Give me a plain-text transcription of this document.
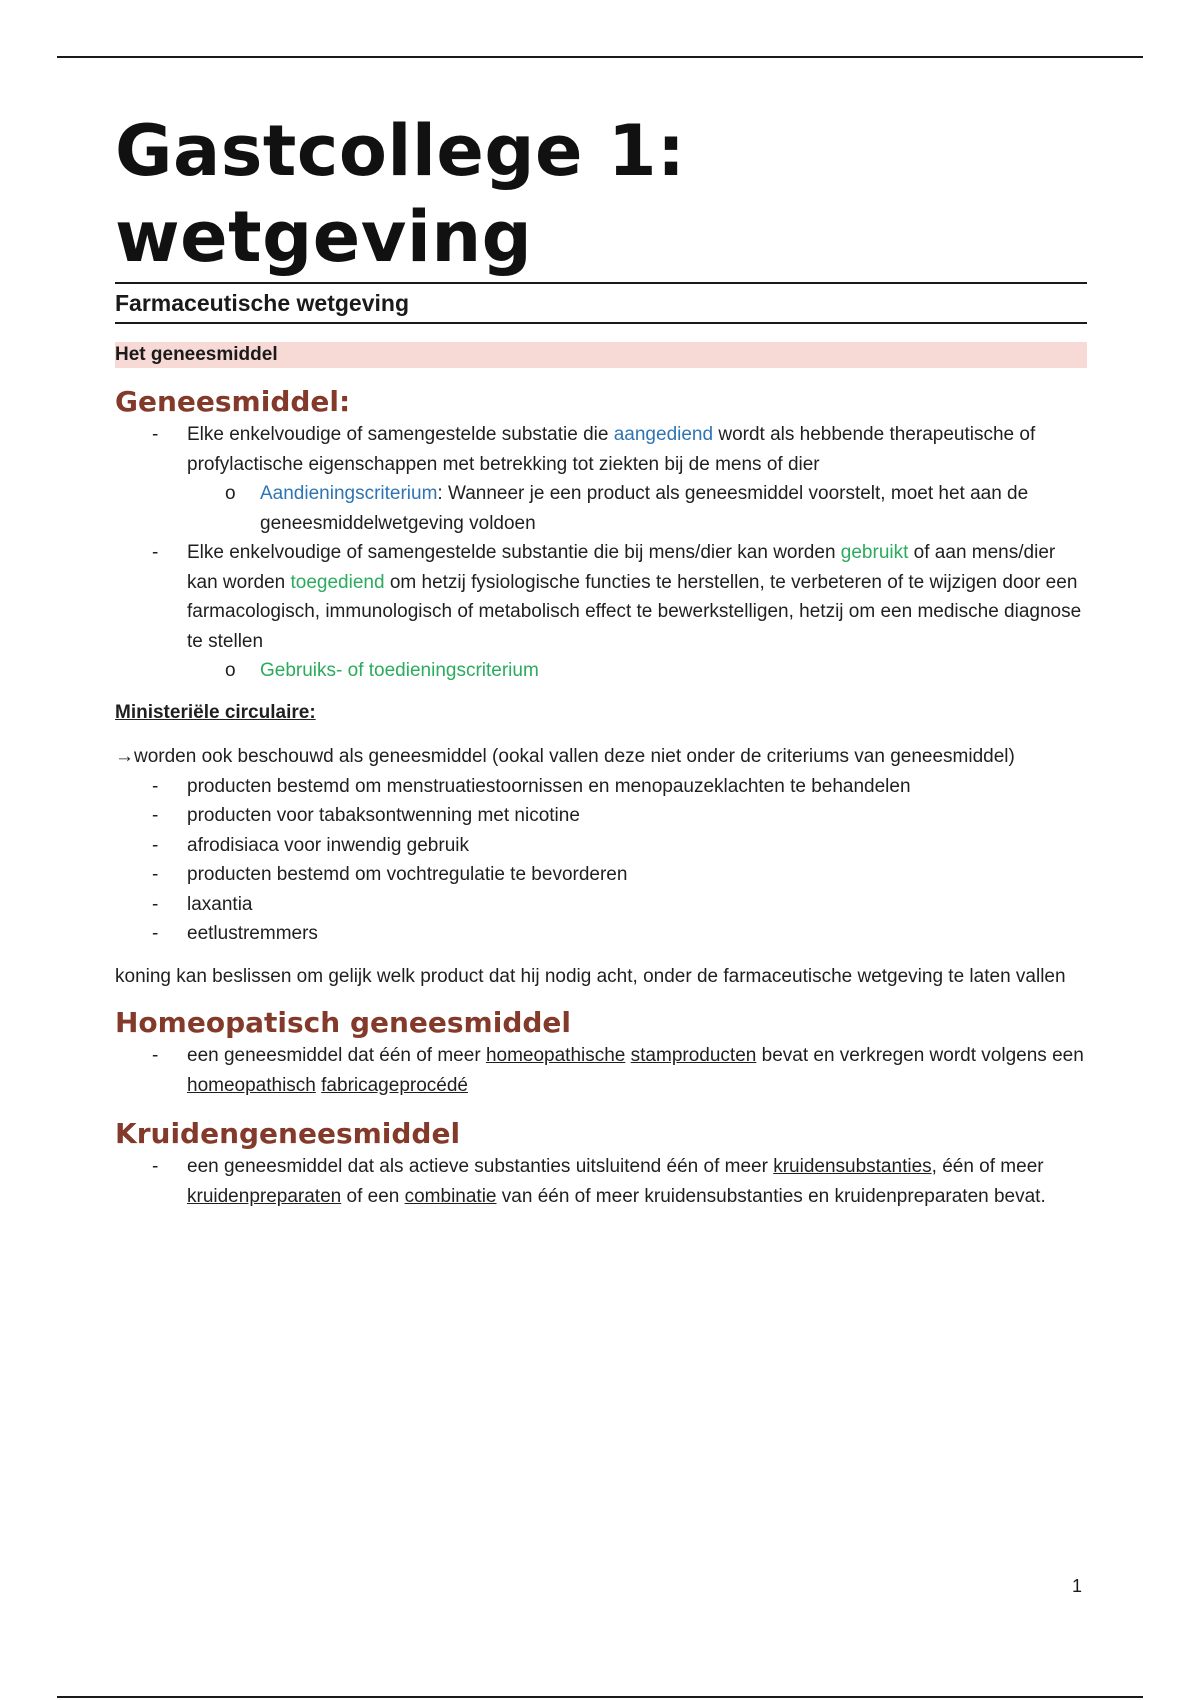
Gastcollege 1: wetgeving
Farmaceutische wetgeving
Het geneesmiddel
Geneesmiddel:
- Elke enkelvoudige of samengestelde substatie die aangediend wordt als hebbende therapeutische of profylactische eigenschappen met betrekking tot ziekten bij de mens of dier
o Aandieningscriterium: Wanneer je een product als geneesmiddel voorstelt, moet het aan de geneesmiddelwetgeving voldoen
- Elke enkelvoudige of samengestelde substantie die bij mens/dier kan worden gebruikt of aan mens/dier kan worden toegediend om hetzij fysiologische functies te herstellen, te verbeteren of te wijzigen door een farmacologisch, immunologisch of metabolisch effect te bewerkstelligen, hetzij om een medische diagnose te stellen
o Gebruiks- of toedieningscriterium

Ministeriële circulaire:

→worden ook beschouwd als geneesmiddel (ookal vallen deze niet onder de criteriums van geneesmiddel)

- producten bestemd om menstruatiestoornissen en menopauzeklachten te behandelen
- producten voor tabaksontwenning met nicotine
- afrodisiaca voor inwendig gebruik
- producten bestemd om vochtregulatie te bevorderen
- laxantia
- eetlustremmers

koning kan beslissen om gelijk welk product dat hij nodig acht, onder de farmaceutische wetgeving te laten vallen

Homeopatisch geneesmiddel
- een geneesmiddel dat één of meer homeopathische stamproducten bevat en verkregen wordt volgens een homeopathisch fabricageprocédé
Kruidengeneesmiddel
- een geneesmiddel dat als actieve substanties uitsluitend één of meer kruidensubstanties, één of meer kruidenpreparaten of een combinatie van één of meer kruidensubstanties en kruidenpreparaten bevat.
1
